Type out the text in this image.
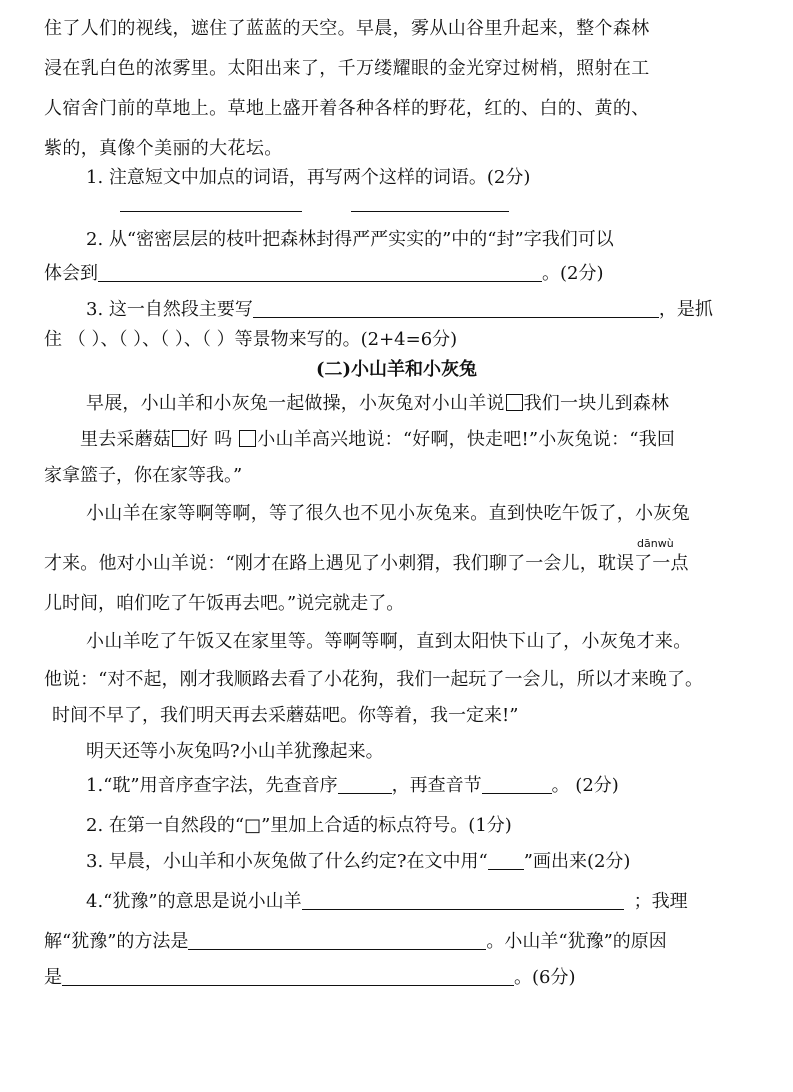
住了人们的视线，遮住了蓝蓝的天空。早晨，雾从山谷里升起来，整个森林
浸在乳白色的浓雾里。太阳出来了，千万缕耀眼的金光穿过树梢，照射在工
人宿舍门前的草地上。草地上盛开着各种各样的野花，红的、白的、黄的、
紫的，真像个美丽的大花坛。
1. 注意短文中加点的词语，再写两个这样的词语。(2分)

2. 从“密密层层的枝叶把森林封得严严实实的”中的“封”字我们可以
体会到	。(2分)
3. 这一自然段主要写	，是抓
住 （ ）、（ ）、（ ）、（ ）等景物来写的。(2+4=6分)
(二)小山羊和小灰兔
早展，小山羊和小灰兔一起做操，小灰兔对小山羊说 我们一块儿到森林
里去采蘑菇 好 吗 小山羊高兴地说：“好啊，快走吧!”小灰兔说：“我回
家拿篮子，你在家等我。”
小山羊在家等啊等啊，等了很久也不见小灰兔来。直到快吃午饭了，小灰兔
dānwù
才来。他对小山羊说：“刚才在路上遇见了小刺猬，我们聊了一会儿，耽误了一点
儿时间，咱们吃了午饭再去吧。”说完就走了。
小山羊吃了午饭又在家里等。等啊等啊，直到太阳快下山了，小灰兔才来。
他说：“对不起，刚才我顺路去看了小花狗，我们一起玩了一会儿，所以才来晚了。
时间不早了，我们明天再去采蘑菇吧。你等着，我一定来!”
明天还等小灰兔吗?小山羊犹豫起来。
1.“耽”用音序查字法，先查音序	，再查音节	。 (2分)
2. 在第一自然段的“□”里加上合适的标点符号。(1分)
3. 早晨，小山羊和小灰兔做了什么约定?在文中用“ ”画出来(2分)
4.“犹豫”的意思是说小山羊	；我理
解“犹豫”的方法是	。小山羊“犹豫”的原因
是	。(6分)
